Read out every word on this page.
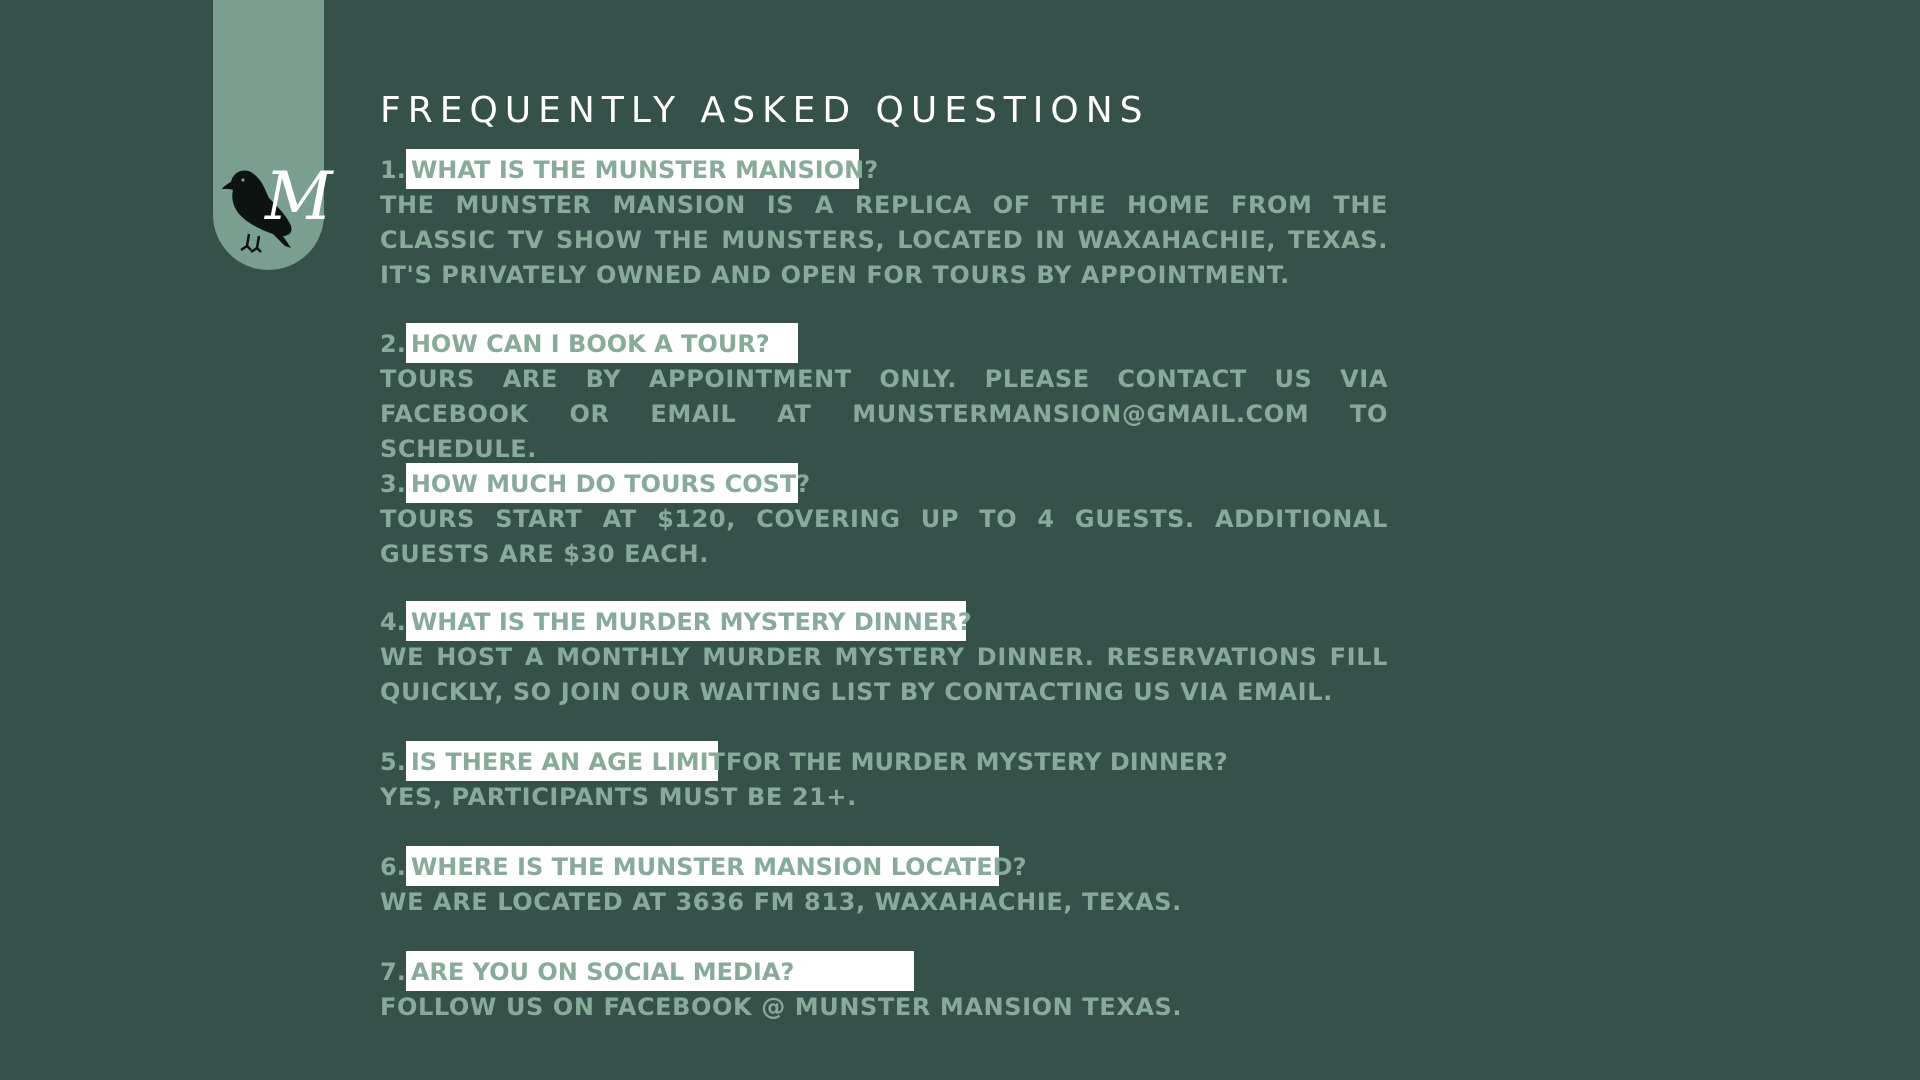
M
FREQUENTLY ASKED QUESTIONS
1. WHAT IS THE MUNSTER MANSION?

THE MUNSTER MANSION IS A REPLICA OF THE HOME FROM THE CLASSIC TV SHOW THE MUNSTERS, LOCATED IN WAXAHACHIE, TEXAS. IT'S PRIVATELY OWNED AND OPEN FOR TOURS BY APPOINTMENT.

2. HOW CAN I BOOK A TOUR?

TOURS ARE BY APPOINTMENT ONLY. PLEASE CONTACT US VIA FACEBOOK OR EMAIL AT MUNSTERMANSION@GMAIL.COM TO SCHEDULE.

3. HOW MUCH DO TOURS COST?

TOURS START AT $120, COVERING UP TO 4 GUESTS. ADDITIONAL GUESTS ARE $30 EACH.

4. WHAT IS THE MURDER MYSTERY DINNER?

WE HOST A MONTHLY MURDER MYSTERY DINNER. RESERVATIONS FILL QUICKLY, SO JOIN OUR WAITING LIST BY CONTACTING US VIA EMAIL.

5. IS THERE AN AGE LIMITFOR THE MURDER MYSTERY DINNER?

YES, PARTICIPANTS MUST BE 21+.

6. WHERE IS THE MUNSTER MANSION LOCATED?

WE ARE LOCATED AT 3636 FM 813, WAXAHACHIE, TEXAS.

7. ARE YOU ON SOCIAL MEDIA?

FOLLOW US ON FACEBOOK @ MUNSTER MANSION TEXAS.
